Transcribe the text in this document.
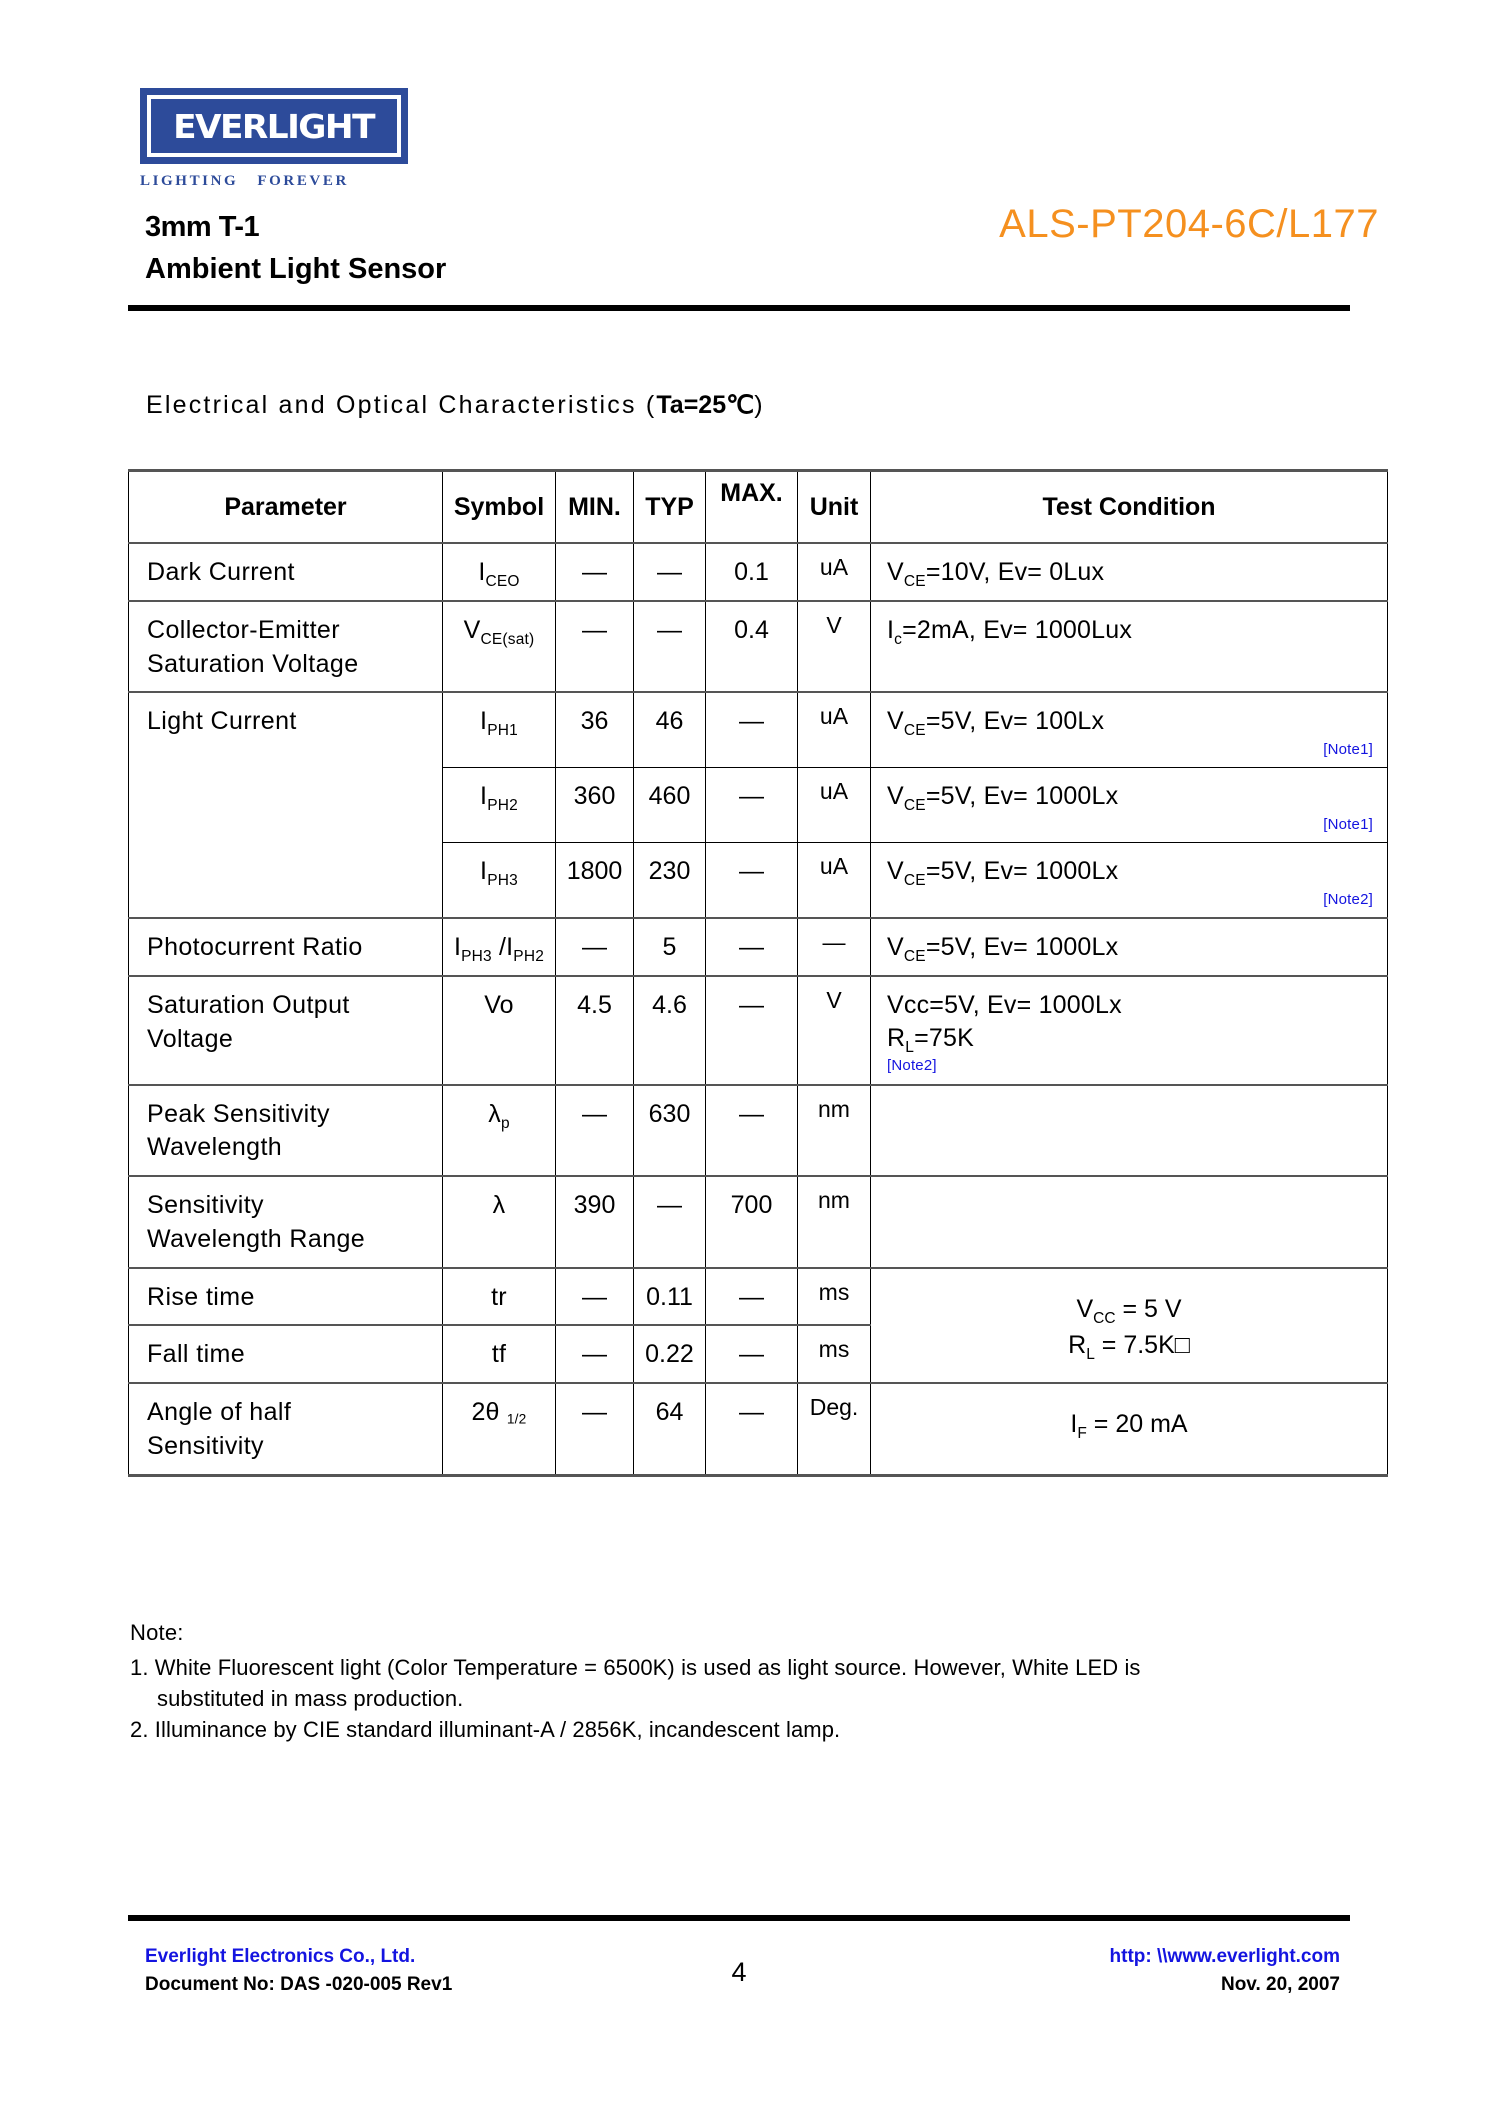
EVERLIGHT
LIGHTING   FOREVER
3mm T-1
Ambient Light Sensor
ALS-PT204-6C/L177
Electrical and Optical Characteristics (Ta=25℃)
Parameter	Symbol	MIN.	TYP	MAX.	Unit	Test Condition
Dark Current	$I_{CEO}$	—	—	0.1	uA	$V_{CE}=10V$, Ev= 0Lux
Collector-Emitter
Saturation Voltage	$V_{CE(sat)}$	—	—	0.4	V	$I_c=2mA$, Ev= 1000Lux
Light Current	$I_{PH1}$	36	46	—	uA	$V_{CE}=5V$, Ev= 100Lx
[Note1]

	$I_{PH2}$	360	460	—	uA	$V_{CE}=5V$, Ev= 1000Lx
[Note1]

	$I_{PH3}$	1800	230	—	uA	$V_{CE}=5V$, Ev= 1000Lx
[Note2]

Photocurrent Ratio	$I_{PH3}$ $/I_{PH2}$	—	5	—	—	$V_{CE}=5V$, Ev= 1000Lx
Saturation Output
Voltage	Vo	4.5	4.6	—	V	Vcc=5V, Ev= 1000Lx
$R_L=75K$
[Note2]

Peak Sensitivity
Wavelength	$\lambda_p$	—	630	—	nm	
Sensitivity
Wavelength Range	λ	390	—	700	nm	
Rise time	tr	—	0.11	—	ms	$V_{CC} = 5$ V
$R_L$ = 7.5K□
Fall time	tf	—	0.22	—	ms	
Angle of half
Sensitivity	2θ 1/2	—	64	—	Deg.	$I_F = 20$ mA
Note:
1. White Fluorescent light (Color Temperature = 6500K) is used as light source. However, White LED is
substituted in mass production.
2. Illuminance by CIE standard illuminant-A / 2856K, incandescent lamp.
Everlight Electronics Co., Ltd.
Document No: DAS -020-005 Rev1	4
http: \\www.everlight.com
Nov. 20, 2007
